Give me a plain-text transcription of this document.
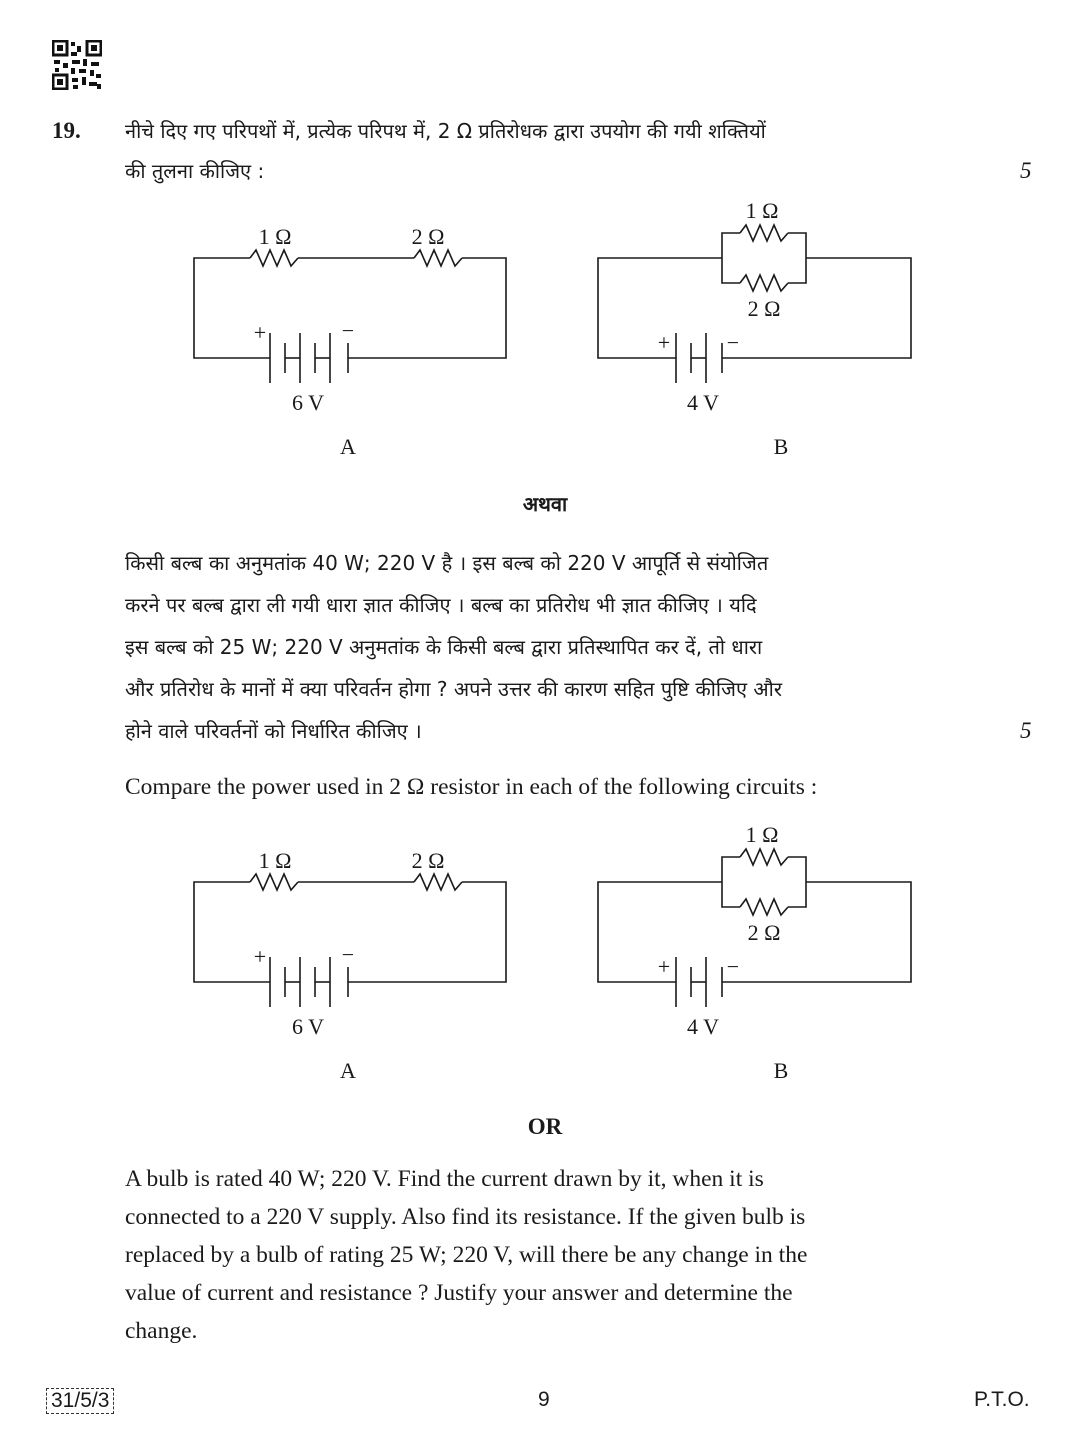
19. नीचे दिए गए परिपथों में, प्रत्येक परिपथ में, 2 Ω प्रतिरोधक द्वारा उपयोग की गयी शक्तियों
की तुलना कीजिए :	5
1 Ω	2 Ω
+	−
6 V
A
1 Ω
2 Ω
+	−
4 V
B
अथवा
किसी बल्ब का अनुमतांक 40 W; 220 V है । इस बल्ब को 220 V आपूर्ति से संयोजित
करने पर बल्ब द्वारा ली गयी धारा ज्ञात कीजिए । बल्ब का प्रतिरोध भी ज्ञात कीजिए । यदि
इस बल्ब को 25 W; 220 V अनुमतांक के किसी बल्ब द्वारा प्रतिस्थापित कर दें, तो धारा
और प्रतिरोध के मानों में क्या परिवर्तन होगा ? अपने उत्तर की कारण सहित पुष्टि कीजिए और
होने वाले परिवर्तनों को निर्धारित कीजिए ।	5
Compare the power used in 2 Ω resistor in each of the following circuits :
1 Ω	2 Ω
+	−
6 V
A
1 Ω
2 Ω
+	−
4 V
B
OR
A bulb is rated 40 W; 220 V. Find the current drawn by it, when it is
connected to a 220 V supply. Also find its resistance. If the given bulb is
replaced by a bulb of rating 25 W; 220 V, will there be any change in the
value of current and resistance ? Justify your answer and determine the
change.
31/5/3	9	P.T.O.
